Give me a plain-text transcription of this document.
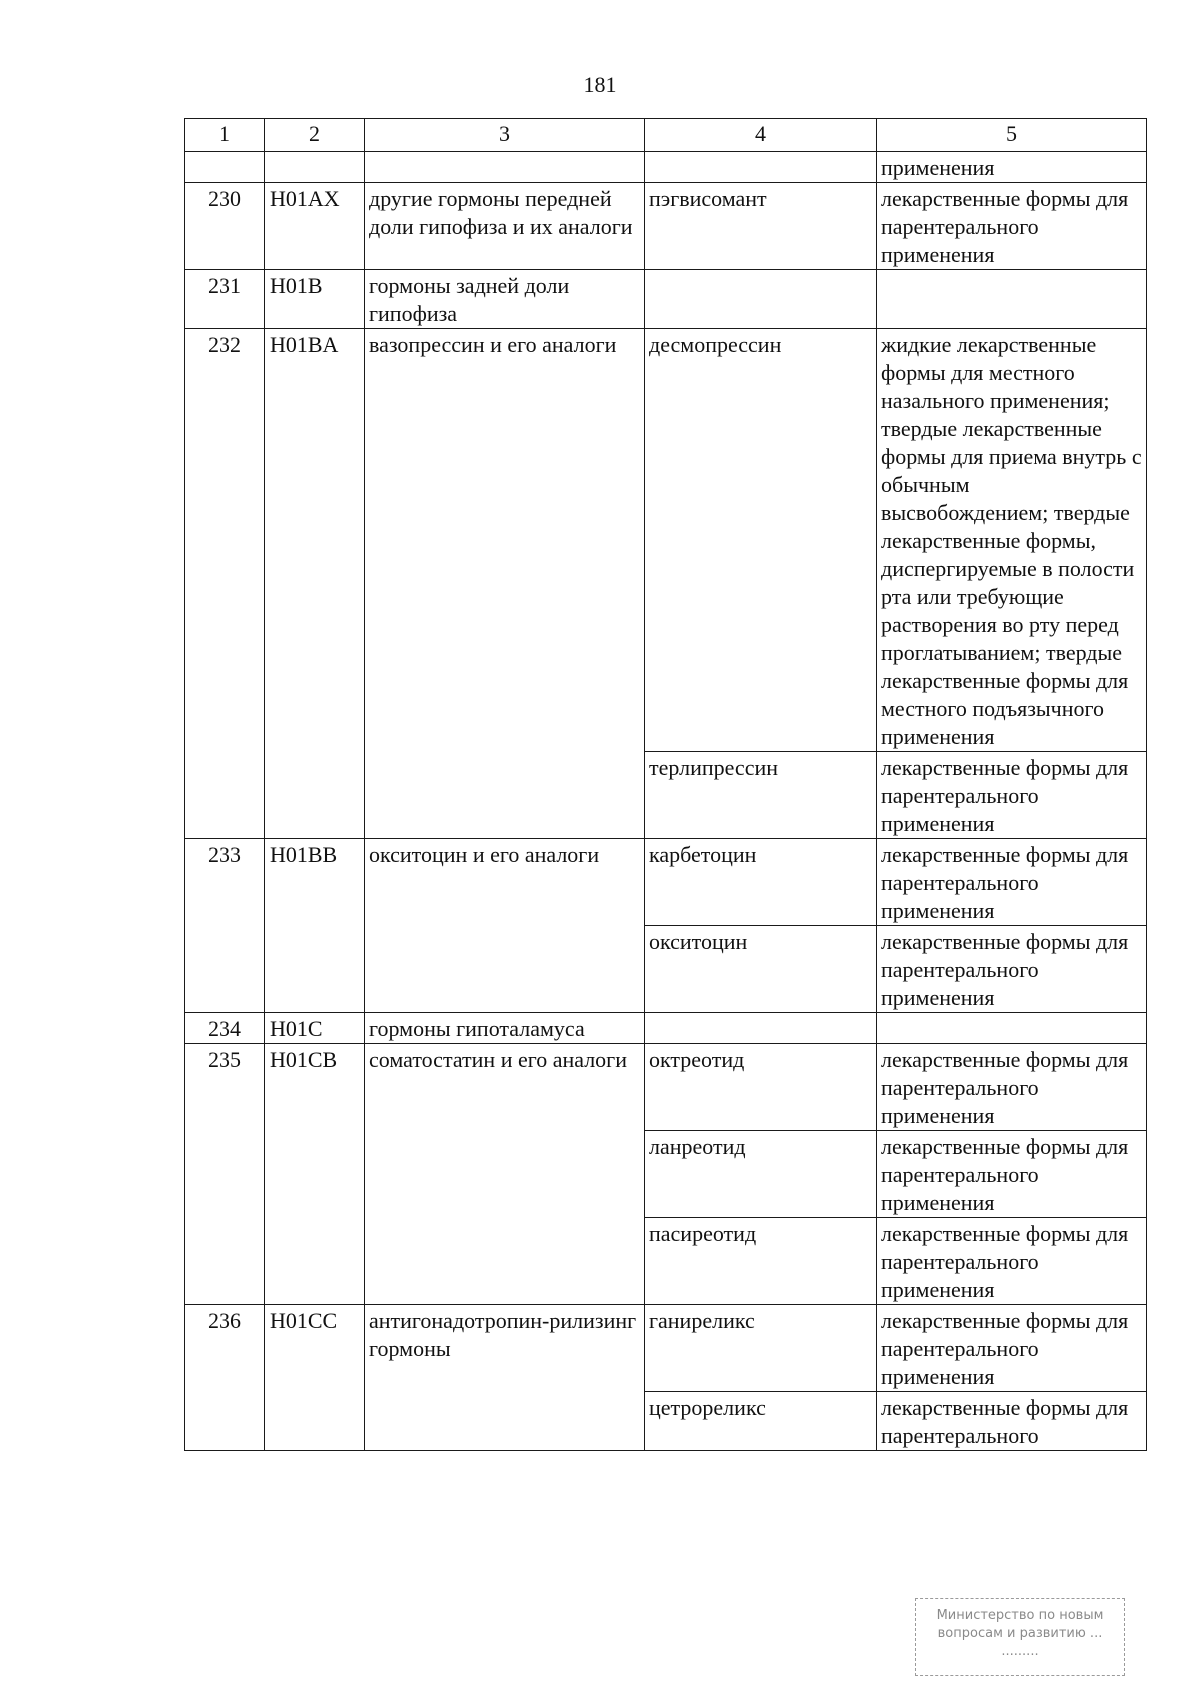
181
1	2	3	4	5
				применения
230	H01AX	другие гормоны передней доли гипофиза и их аналоги	пэгвисомант	лекарственные формы для парентерального применения
231	H01B	гормоны задней доли гипофиза		
232	H01BA	вазопрессин и его аналоги	десмопрессин	жидкие лекарственные формы для местного назального применения; твердые лекарственные формы для приема внутрь с обычным высвобождением; твердые лекарственные формы, диспергируемые в полости рта или требующие растворения во рту перед проглатыванием; твердые лекарственные формы для местного подъязычного применения
			терлипрессин	лекарственные формы для парентерального применения
233	H01BB	окситоцин и его аналоги	карбетоцин	лекарственные формы для парентерального применения
			окситоцин	лекарственные формы для парентерального применения
234	H01C	гормоны гипоталамуса		
235	H01CB	соматостатин и его аналоги	октреотид	лекарственные формы для парентерального применения
			ланреотид	лекарственные формы для парентерального применения
			пасиреотид	лекарственные формы для парентерального применения
236	H01CC	антигонадотропин-рилизинг гормоны	ганиреликс	лекарственные формы для парентерального применения
			цетрореликс	лекарственные формы для парентерального
Министерство по новым
вопросам и развитию ...
.........
